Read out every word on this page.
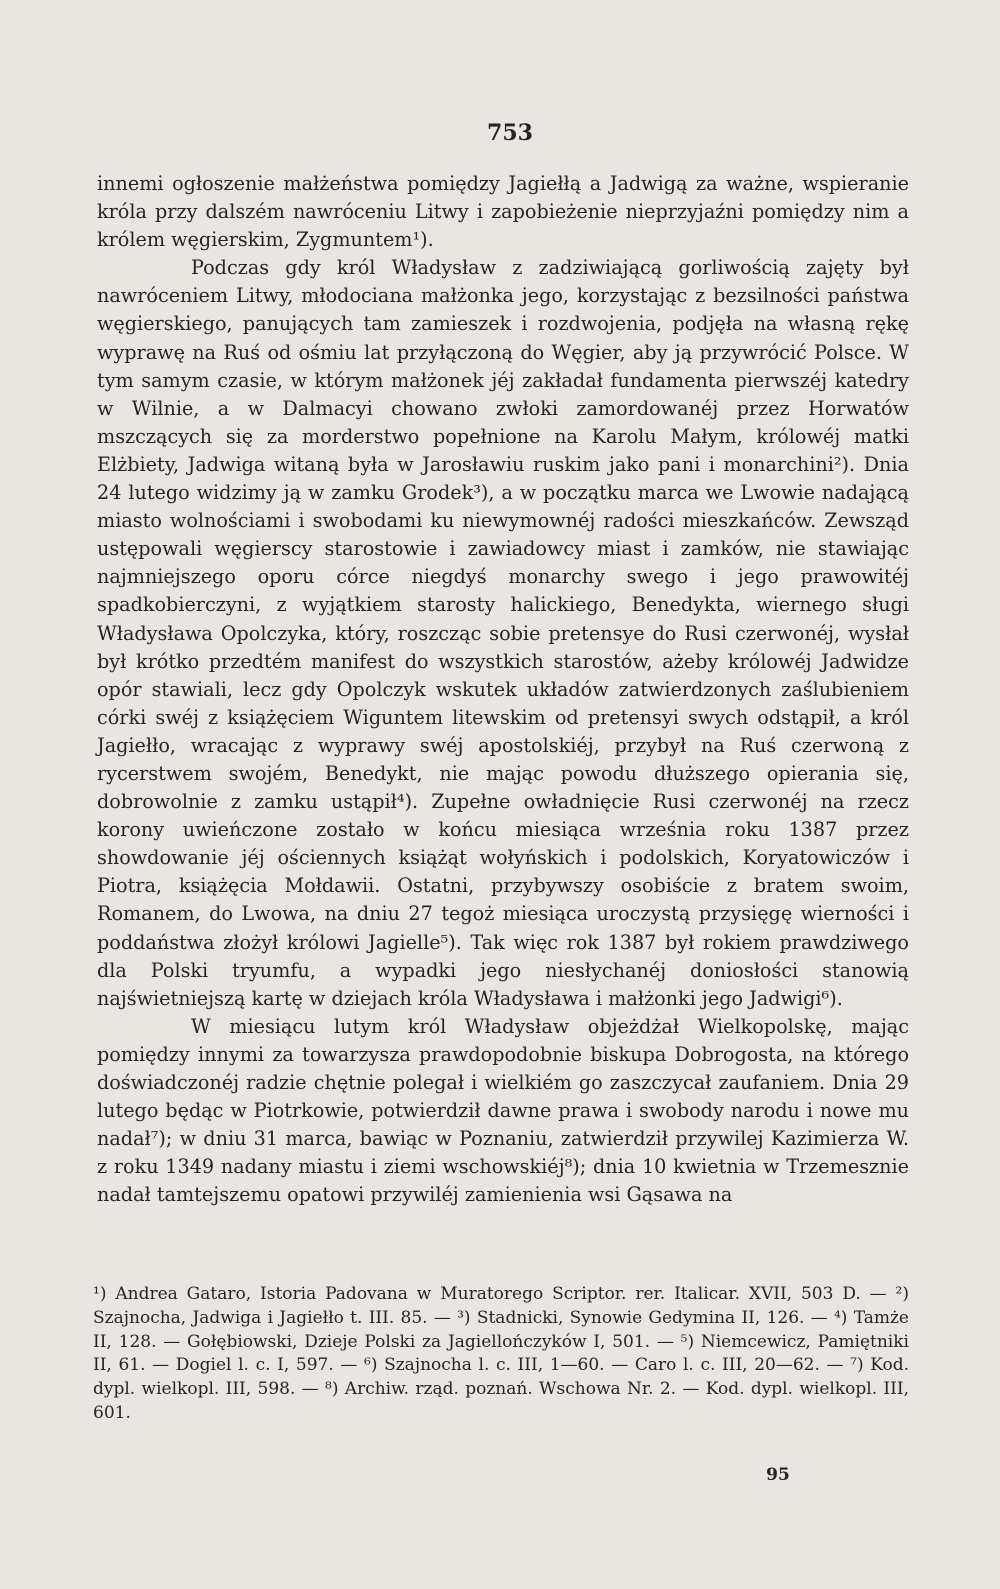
753

innemi ogłoszenie małżeństwa pomiędzy Jagiełłą a Jadwigą za ważne, wspieranie króla przy dalszém nawróceniu Litwy i zapobieżenie nieprzyjaźni pomiędzy nim a królem węgierskim, Zygmuntem¹).

Podczas gdy król Władysław z zadziwiającą gorliwością zajęty był nawróceniem Litwy, młodociana małżonka jego, korzystając z bezsilności państwa węgierskiego, panujących tam zamieszek i rozdwojenia, podjęła na własną rękę wyprawę na Ruś od ośmiu lat przyłączoną do Węgier, aby ją przywrócić Polsce. W tym samym czasie, w którym małżonek jéj zakładał fundamenta pierwszéj katedry w Wilnie, a w Dalmacyi chowano zwłoki zamordowanéj przez Horwatów mszczących się za morderstwo popełnione na Karolu Małym, królowéj matki Elżbiety, Jadwiga witaną była w Jarosławiu ruskim jako pani i monarchini²). Dnia 24 lutego widzimy ją w zamku Grodek³), a w początku marca we Lwowie nadającą miasto wolnościami i swobodami ku niewymownéj radości mieszkańców. Zewsząd ustępowali węgierscy starostowie i zawiadowcy miast i zamków, nie stawiając najmniejszego oporu córce niegdyś monarchy swego i jego prawowitéj spadkobierczyni, z wyjątkiem starosty halickiego, Benedykta, wiernego sługi Władysława Opolczyka, który, roszcząc sobie pretensye do Rusi czerwonéj, wysłał był krótko przedtém manifest do wszystkich starostów, ażeby królowéj Jadwidze opór stawiali, lecz gdy Opolczyk wskutek układów zatwierdzonych zaślubieniem córki swéj z książęciem Wiguntem litewskim od pretensyi swych odstąpił, a król Jagiełło, wracając z wyprawy swéj apostolskiéj, przybył na Ruś czerwoną z rycerstwem swojém, Benedykt, nie mając powodu dłuższego opierania się, dobrowolnie z zamku ustąpił⁴). Zupełne owładnięcie Rusi czerwonéj na rzecz korony uwieńczone zostało w końcu miesiąca września roku 1387 przez showdowanie jéj ościennych książąt wołyńskich i podolskich, Koryatowiczów i Piotra, książęcia Mołdawii. Ostatni, przybywszy osobiście z bratem swoim, Romanem, do Lwowa, na dniu 27 tegoż miesiąca uroczystą przysięgę wierności i poddaństwa złożył królowi Jagielle⁵). Tak więc rok 1387 był rokiem prawdziwego dla Polski tryumfu, a wypadki jego niesłychanéj doniosłości stanowią najświetniejszą kartę w dziejach króla Władysława i małżonki jego Jadwigi⁶).

W miesiącu lutym król Władysław objeżdżał Wielkopolskę, mając pomiędzy innymi za towarzysza prawdopodobnie biskupa Dobrogosta, na którego doświadczonéj radzie chętnie polegał i wielkiém go zaszczycał zaufaniem. Dnia 29 lutego będąc w Piotrkowie, potwierdził dawne prawa i swobody narodu i nowe mu nadał⁷); w dniu 31 marca, bawiąc w Poznaniu, zatwierdził przywilej Kazimierza W. z roku 1349 nadany miastu i ziemi wschowskiéj⁸); dnia 10 kwietnia w Trzemesznie nadał tamtejszemu opatowi przywiléj zamienienia wsi Gąsawa na

¹) Andrea Gataro, Istoria Padovana w Muratorego Scriptor. rer. Italicar. XVII, 503 D. — ²) Szajnocha, Jadwiga i Jagiełło t. III. 85. — ³) Stadnicki, Synowie Gedymina II, 126. — ⁴) Tamże II, 128. — Gołębiowski, Dzieje Polski za Jagiellończyków I, 501. — ⁵) Niemcewicz, Pamiętniki II, 61. — Dogiel l. c. I, 597. — ⁶) Szajnocha l. c. III, 1—60. — Caro l. c. III, 20—62. — ⁷) Kod. dypl. wielkopl. III, 598. — ⁸) Archiw. rząd. poznań. Wschowa Nr. 2. — Kod. dypl. wielkopl. III, 601.

95
